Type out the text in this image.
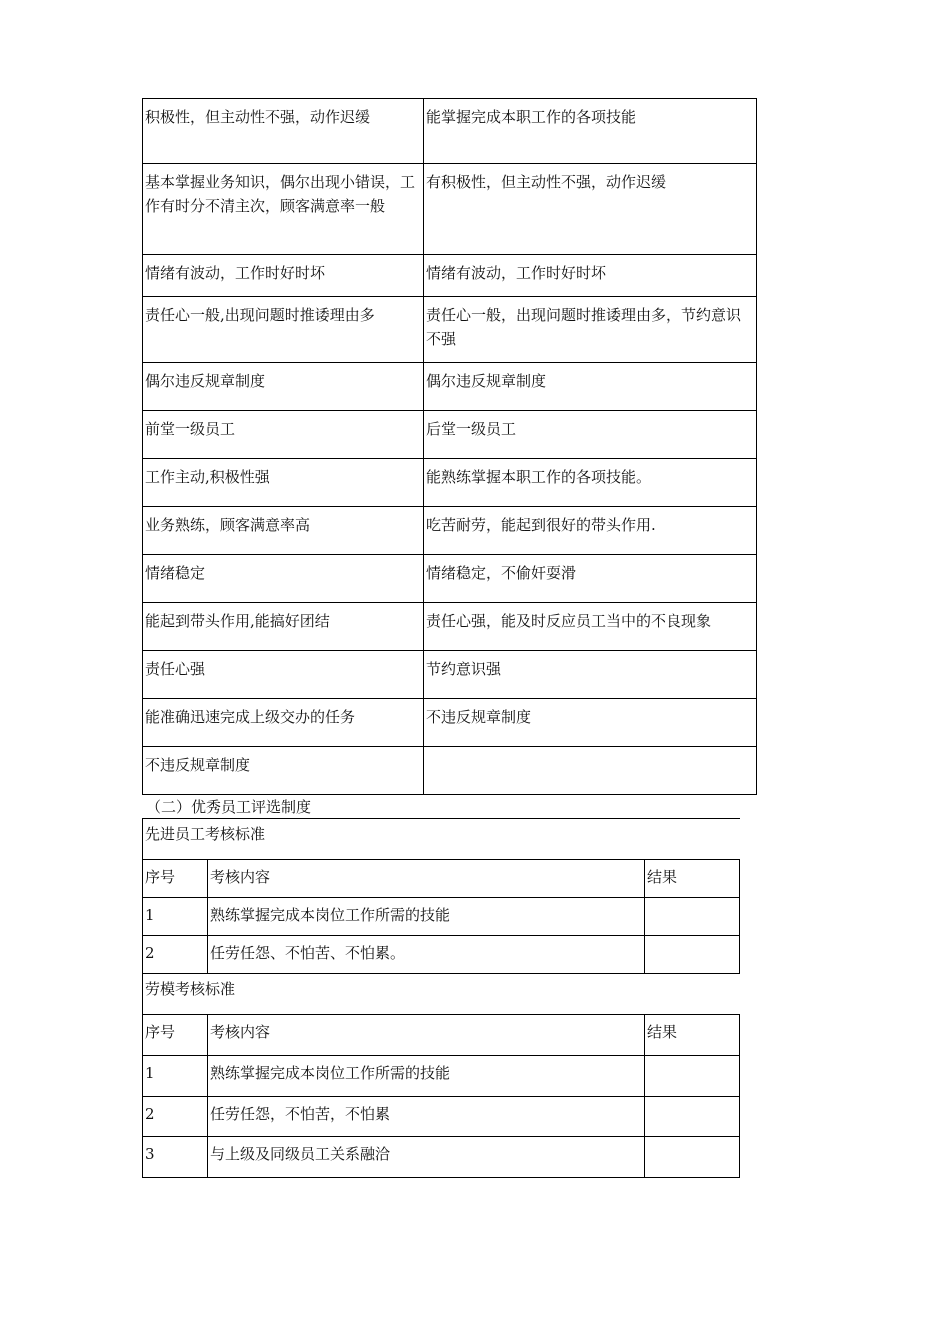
积极性，但主动性不强，动作迟缓	能掌握完成本职工作的各项技能
基本掌握业务知识，偶尔出现小错误，工作有时分不清主次，顾客满意率一般	有积极性，但主动性不强，动作迟缓
情绪有波动，工作时好时坏	情绪有波动，工作时好时坏
责任心一般,出现问题时推诿理由多	责任心一般，出现问题时推诿理由多，节约意识不强
偶尔违反规章制度	偶尔违反规章制度
前堂一级员工	后堂一级员工
工作主动,积极性强	能熟练掌握本职工作的各项技能。
业务熟练，顾客满意率高	吃苦耐劳，能起到很好的带头作用.
情绪稳定	情绪稳定，不偷奸耍滑
能起到带头作用,能搞好团结	责任心强，能及时反应员工当中的不良现象
责任心强	节约意识强
能准确迅速完成上级交办的任务	不违反规章制度
不违反规章制度	
（二）优秀员工评选制度
先进员工考核标准		
序号	考核内容	结果
1	熟练掌握完成本岗位工作所需的技能	
2	任劳任怨、不怕苦、不怕累。	
劳模考核标准		
序号	考核内容	结果
1	熟练掌握完成本岗位工作所需的技能	
2	任劳任怨，不怕苦，不怕累	
3	与上级及同级员工关系融洽	
